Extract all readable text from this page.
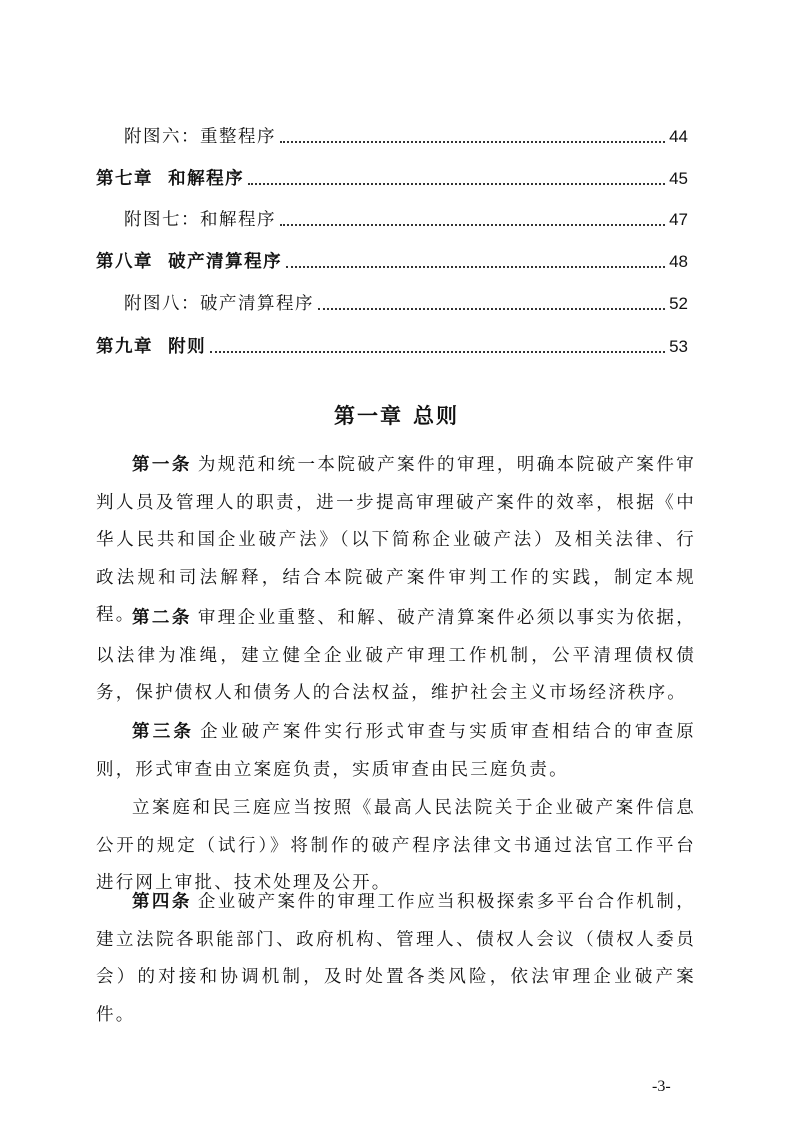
附图六：重整程序	44
第七章  和解程序	45
附图七：和解程序	47
第八章  破产清算程序	48
附图八：破产清算程序	52
第九章  附则	53
第一章 总则

第一条 为规范和统一本院破产案件的审理，明确本院破产案件审判人员及管理人的职责，进一步提高审理破产案件的效率，根据《中华人民共和国企业破产法》（以下简称企业破产法）及相关法律、行政法规和司法解释，结合本院破产案件审判工作的实践，制定本规程。

第二条 审理企业重整、和解、破产清算案件必须以事实为依据，以法律为准绳，建立健全企业破产审理工作机制，公平清理债权债务，保护债权人和债务人的合法权益，维护社会主义市场经济秩序。

第三条 企业破产案件实行形式审查与实质审查相结合的审查原则，形式审查由立案庭负责，实质审查由民三庭负责。

立案庭和民三庭应当按照《最高人民法院关于企业破产案件信息公开的规定（试行）》将制作的破产程序法律文书通过法官工作平台进行网上审批、技术处理及公开。

第四条 企业破产案件的审理工作应当积极探索多平台合作机制，建立法院各职能部门、政府机构、管理人、债权人会议（债权人委员会）的对接和协调机制，及时处置各类风险，依法审理企业破产案件。

-3-
